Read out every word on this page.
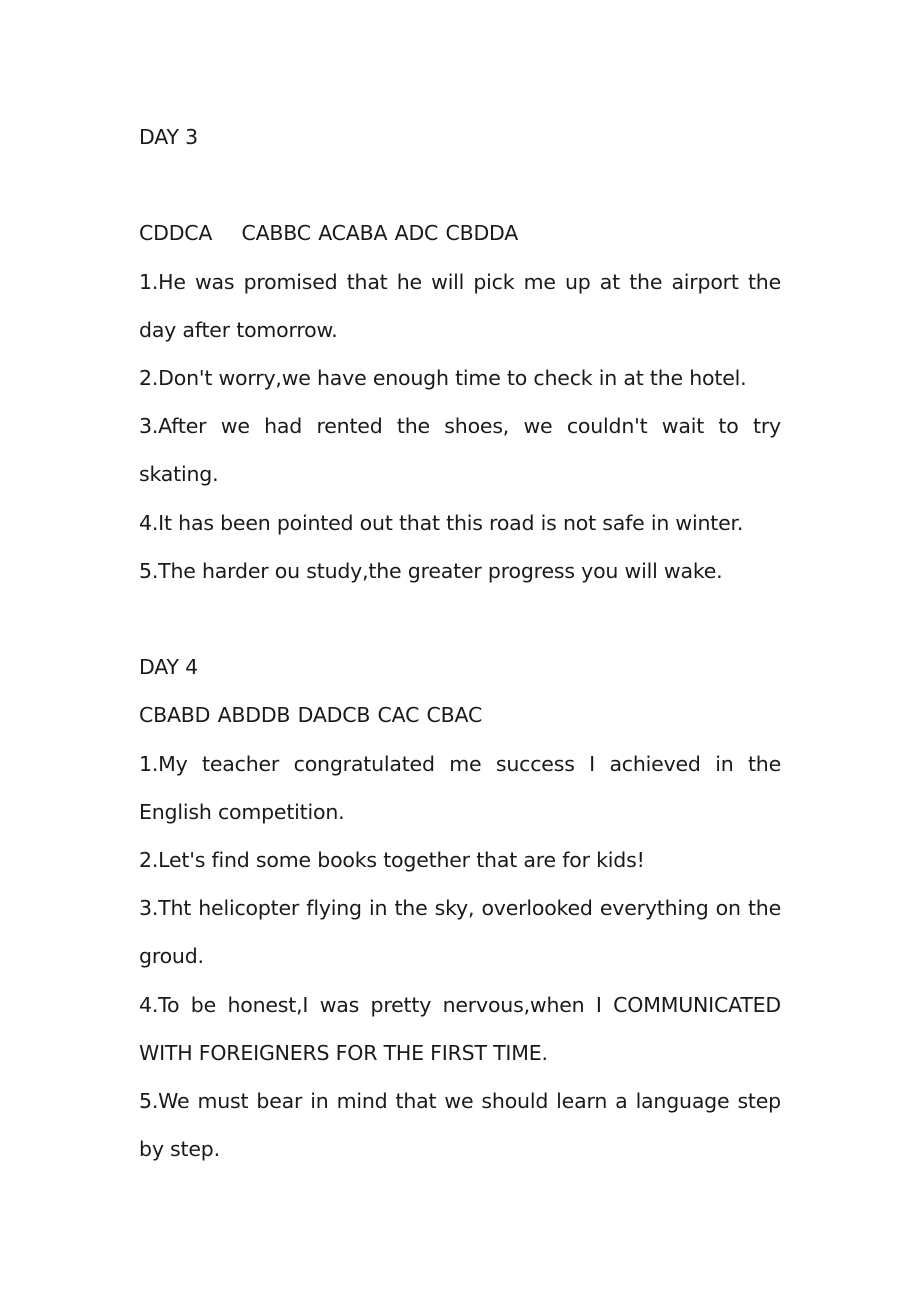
DAY 3
CDDCA    CABBC ACABA ADC CBDDA
1.He was promised that he will pick me up at the airport the day after tomorrow.
2.Don't worry,we have enough time to check in at the hotel.
3.After we had rented the shoes, we couldn't wait to try skating.
4.It has been pointed out that this road is not safe in winter.
5.The harder ou study,the greater progress you will wake.
DAY 4
CBABD ABDDB DADCB CAC CBAC
1.My teacher congratulated me success I achieved in the English competition.
2.Let's find some books together that are for kids!
3.Tht helicopter flying in the sky, overlooked everything on the groud.
4.To be honest,I was pretty nervous,when I COMMUNICATED WITH FOREIGNERS FOR THE FIRST TIME.
5.We must bear in mind that we should learn a language step by step.
